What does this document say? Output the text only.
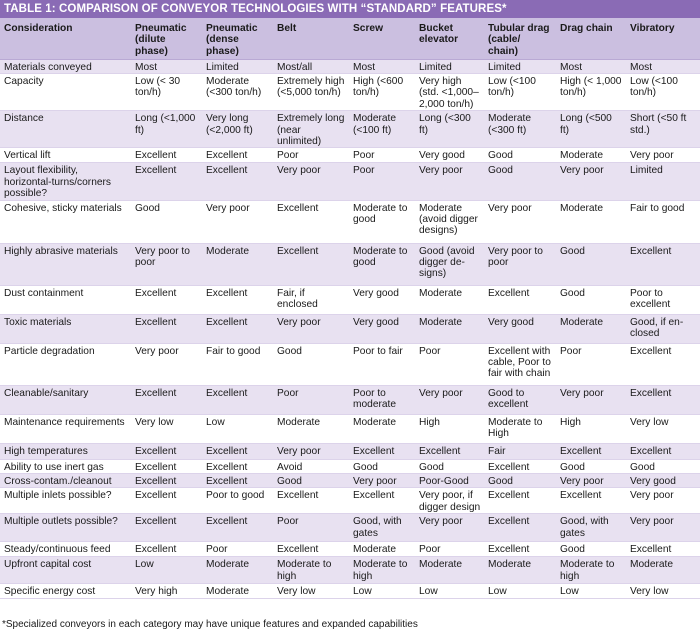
TABLE 1: COMPARISON OF CONVEYOR TECHNOLOGIES WITH “STANDARD” FEATURES*
Consideration	Pneumatic (dilute phase)	Pneumatic (dense phase)	Belt	Screw	Bucket elevator	Tubular drag (cable/ chain)	Drag chain	Vibratory
Materials conveyed	Most	Limited	Most/all	Most	Limited	Limited	Most	Most
Capacity	Low (< 30 ton/h)	Moderate (<300 ton/h)	Extremely high (<5,000 ton/h)	High (<600 ton/h)	Very high (std. <1,000–2,000 ton/h)	Low (<100 ton/h)	High (< 1,000 ton/h)	Low (<100 ton/h)
Distance	Long (<1,000 ft)	Very long (<2,000 ft)	Extremely long (near unlimited)	Moderate (<100 ft)	Long (<300 ft)	Moderate (<300 ft)	Long (<500 ft)	Short (<50 ft std.)
Vertical lift	Excellent	Excellent	Poor	Poor	Very good	Good	Moderate	Very poor
Layout flexibility, horizontal-turns/corners possible?	Excellent	Excellent	Very poor	Poor	Very poor	Good	Very poor	Limited
Cohesive, sticky materials	Good	Very poor	Excellent	Moderate to good	Moderate (avoid digger designs)	Very poor	Moderate	Fair to good
Highly abrasive materials	Very poor to poor	Moderate	Excellent	Moderate to good	Good (avoid digger de-signs)	Very poor to poor	Good	Excellent
Dust containment	Excellent	Excellent	Fair, if enclosed	Very good	Moderate	Excellent	Good	Poor to excellent
Toxic materials	Excellent	Excellent	Very poor	Very good	Moderate	Very good	Moderate	Good, if en-closed
Particle degradation	Very poor	Fair to good	Good	Poor to fair	Poor	Excellent with cable, Poor to fair with chain	Poor	Excellent
Cleanable/sanitary	Excellent	Excellent	Poor	Poor to moderate	Very poor	Good to excellent	Very poor	Excellent
Maintenance requirements	Very low	Low	Moderate	Moderate	High	Moderate to High	High	Very low
High temperatures	Excellent	Excellent	Very poor	Excellent	Excellent	Fair	Excellent	Excellent
Ability to use inert gas	Excellent	Excellent	Avoid	Good	Good	Excellent	Good	Good
Cross-contam./cleanout	Excellent	Excellent	Good	Very poor	Poor-Good	Good	Very poor	Very good
Multiple inlets possible?	Excellent	Poor to good	Excellent	Excellent	Very poor, if digger design	Excellent	Excellent	Very poor
Multiple outlets possible?	Excellent	Excellent	Poor	Good, with gates	Very poor	Excellent	Good, with gates	Very poor
Steady/continuous feed	Excellent	Poor	Excellent	Moderate	Poor	Excellent	Good	Excellent
Upfront capital cost	Low	Moderate	Moderate to high	Moderate to high	Moderate	Moderate	Moderate to high	Moderate
Specific energy cost	Very high	Moderate	Very low	Low	Low	Low	Low	Very low
*Specialized conveyors in each category may have unique features and expanded capabilities
